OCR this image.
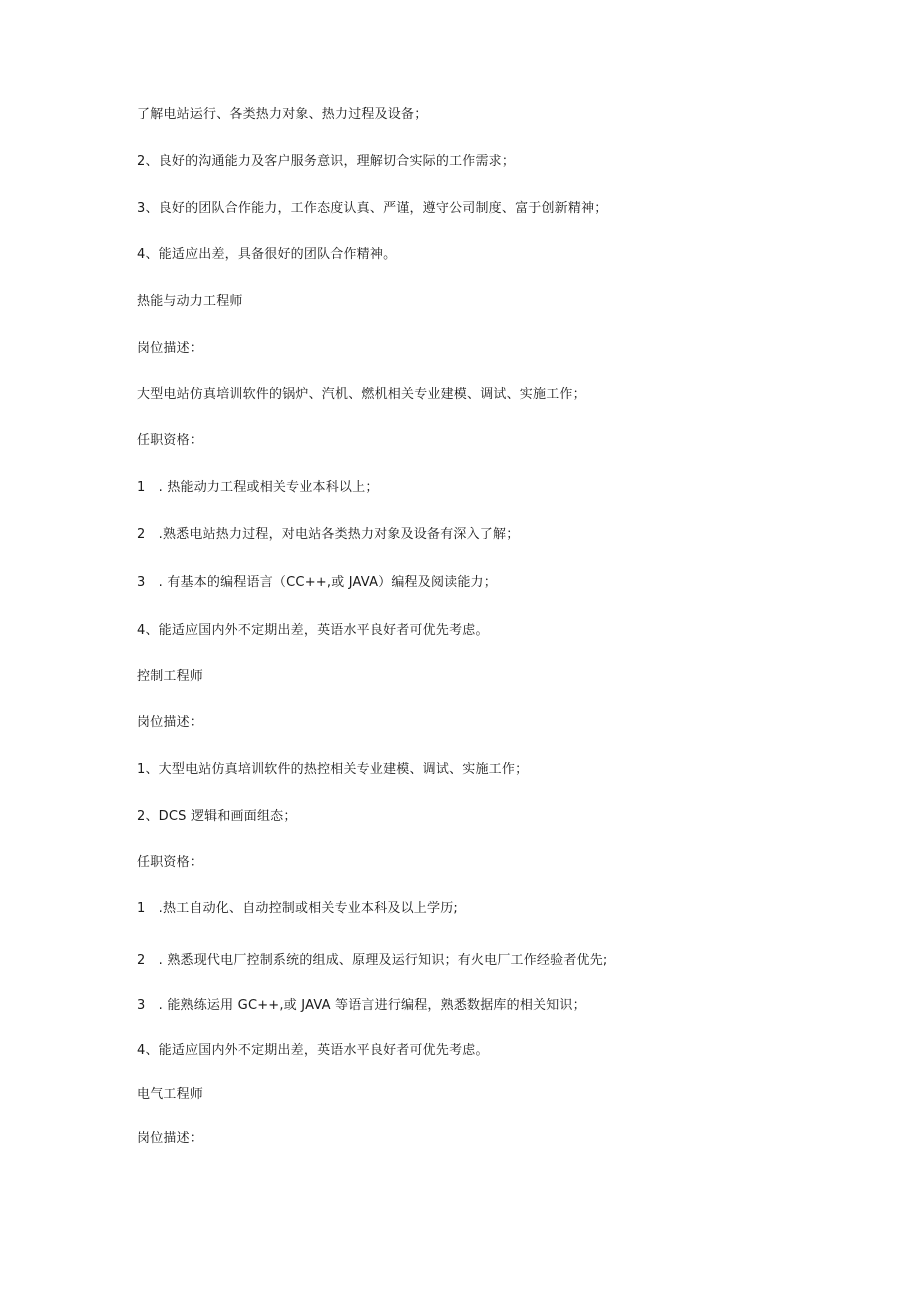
了解电站运行、各类热力对象、热力过程及设备；
2、良好的沟通能力及客户服务意识，理解切合实际的工作需求；
3、良好的团队合作能力，工作态度认真、严谨，遵守公司制度、富于创新精神；
4、能适应出差，具备很好的团队合作精神。
热能与动力工程师
岗位描述：
大型电站仿真培训软件的锅炉、汽机、燃机相关专业建模、调试、实施工作；
任职资格：
1　. 热能动力工程或相关专业本科以上；
2　.熟悉电站热力过程，对电站各类热力对象及设备有深入了解；
3　. 有基本的编程语言（CC++,或 JAVA）编程及阅读能力；
4、能适应国内外不定期出差，英语水平良好者可优先考虑。
控制工程师
岗位描述：
1、大型电站仿真培训软件的热控相关专业建模、调试、实施工作；
2、DCS 逻辑和画面组态；
任职资格：
1　.热工自动化、自动控制或相关专业本科及以上学历;
2　. 熟悉现代电厂控制系统的组成、原理及运行知识；有火电厂工作经验者优先;
3　. 能熟练运用 GC++,或 JAVA 等语言进行编程，熟悉数据库的相关知识；
4、能适应国内外不定期出差，英语水平良好者可优先考虑。
电气工程师
岗位描述：
